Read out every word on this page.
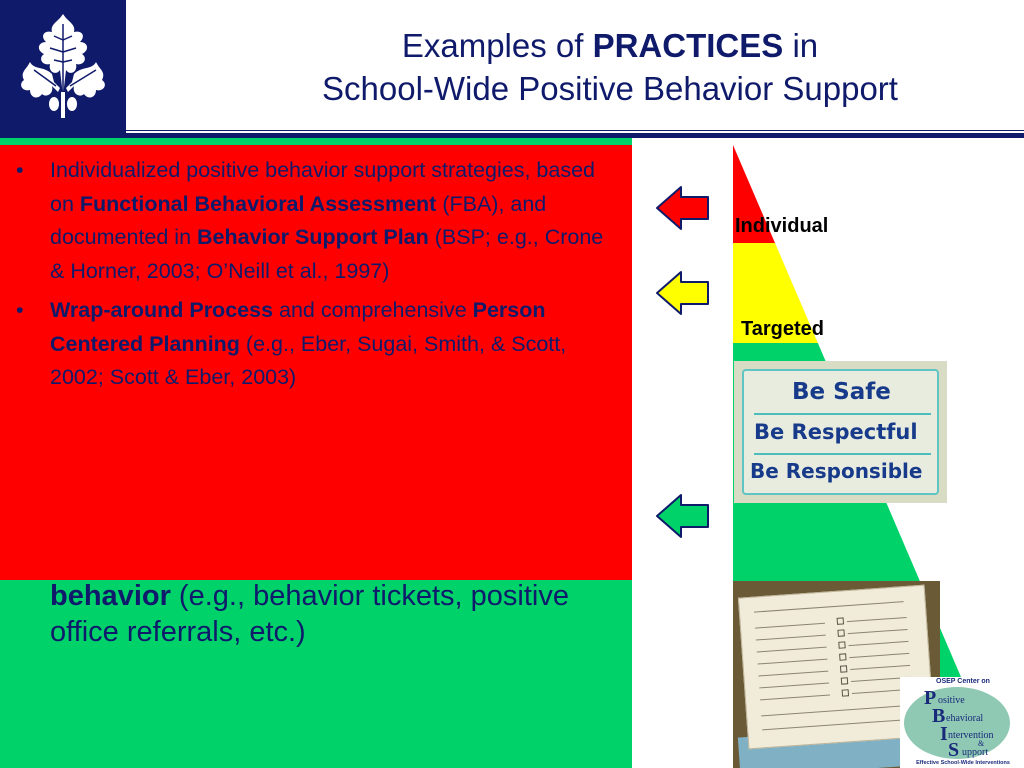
Examples of PRACTICES in
School-Wide Positive Behavior Support
• Individualized positive behavior support strategies, based on Functional Behavioral Assessment (FBA), and documented in Behavior Support Plan (BSP; e.g., Crone & Horner, 2003; O’Neill et al., 1997)
• Wrap-around Process and comprehensive Person Centered Planning (e.g., Eber, Sugai, Smith, & Scott, 2002; Scott & Eber, 2003)
behavior (e.g., behavior tickets, positive office referrals, etc.)
Individual
Targeted
Be Safe
Be Respectful
Be Responsible
OSEP Center on
P ositive
B ehavioral
I ntervention
&
S upport
Effective School-Wide Interventions
